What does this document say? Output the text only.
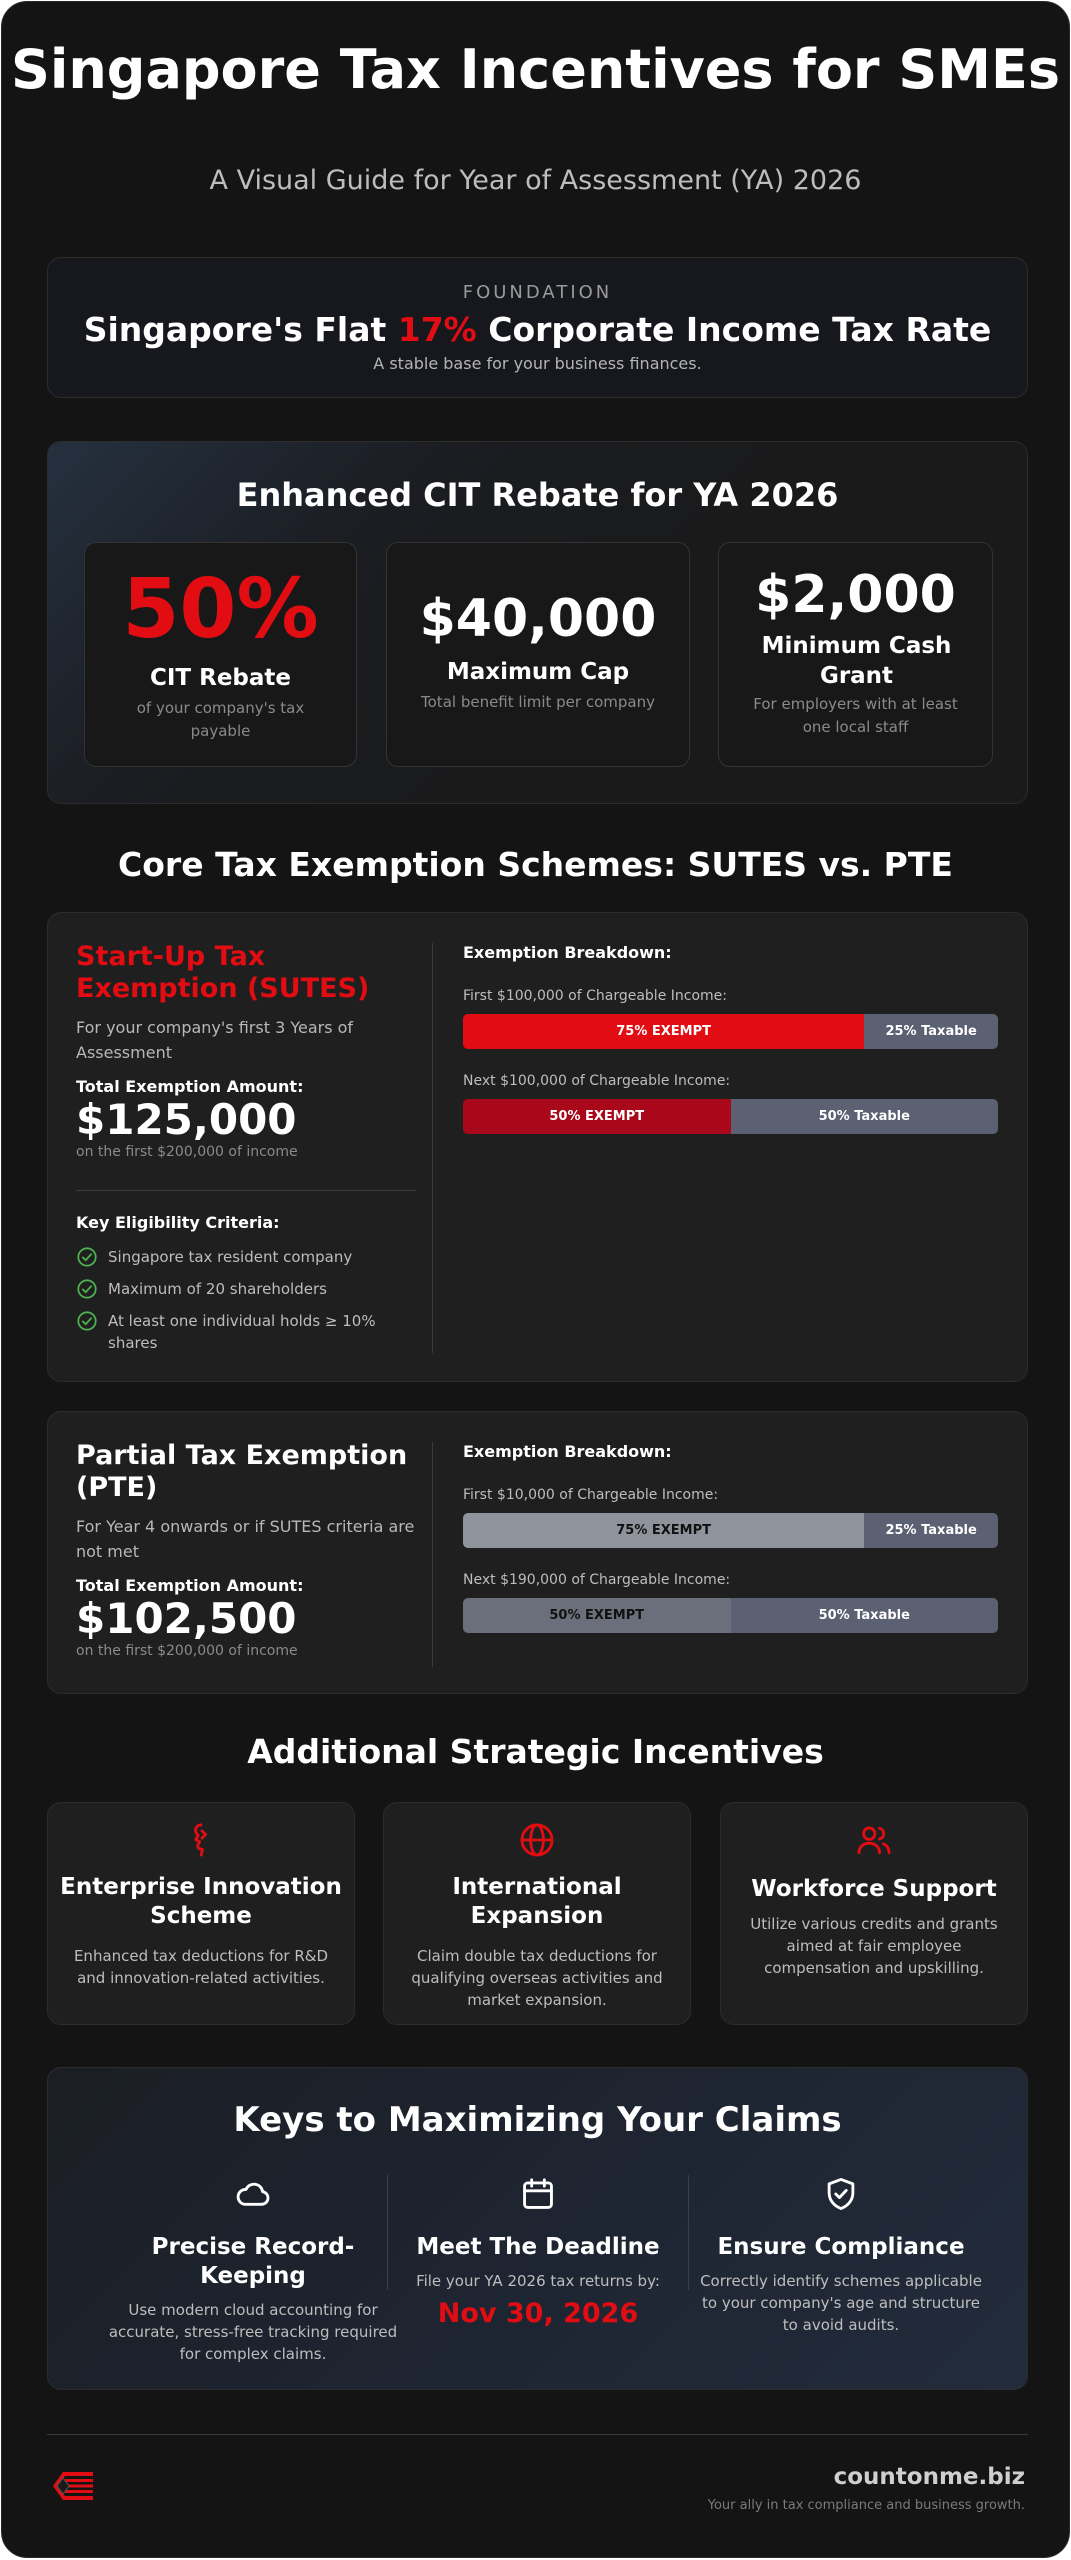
Singapore Tax Incentives for SMEs
A Visual Guide for Year of Assessment (YA) 2026
FOUNDATION
Singapore's Flat 17% Corporate Income Tax Rate
A stable base for your business finances.
Enhanced CIT Rebate for YA 2026
50%
CIT Rebate
of your company's tax payable
$40,000
Maximum Cap
Total benefit limit per company
$2,000
Minimum Cash Grant
For employers with at least one local staff
Core Tax Exemption Schemes: SUTES vs. PTE
Start-Up Tax Exemption (SUTES)
For your company's first 3 Years of Assessment
Total Exemption Amount:
$125,000
on the first $200,000 of income
Key Eligibility Criteria:
Singapore tax resident company
Maximum of 20 shareholders
At least one individual holds ≥ 10% shares
Exemption Breakdown:
First $100,000 of Chargeable Income:
75% EXEMPT	25% Taxable
Next $100,000 of Chargeable Income:
50% EXEMPT	50% Taxable
Partial Tax Exemption (PTE)
For Year 4 onwards or if SUTES criteria are not met
Total Exemption Amount:
$102,500
on the first $200,000 of income
Exemption Breakdown:
First $10,000 of Chargeable Income:
75% EXEMPT	25% Taxable
Next $190,000 of Chargeable Income:
50% EXEMPT	50% Taxable
Additional Strategic Incentives
Enterprise Innovation Scheme
Enhanced tax deductions for R&D and innovation-related activities.
International Expansion
Claim double tax deductions for qualifying overseas activities and market expansion.
Workforce Support
Utilize various credits and grants aimed at fair employee compensation and upskilling.
Keys to Maximizing Your Claims
Precise Record-Keeping
Use modern cloud accounting for accurate, stress-free tracking required for complex claims.
Meet The Deadline
File your YA 2026 tax returns by:
Nov 30, 2026
Ensure Compliance
Correctly identify schemes applicable to your company's age and structure to avoid audits.
countonme.biz
Your ally in tax compliance and business growth.
